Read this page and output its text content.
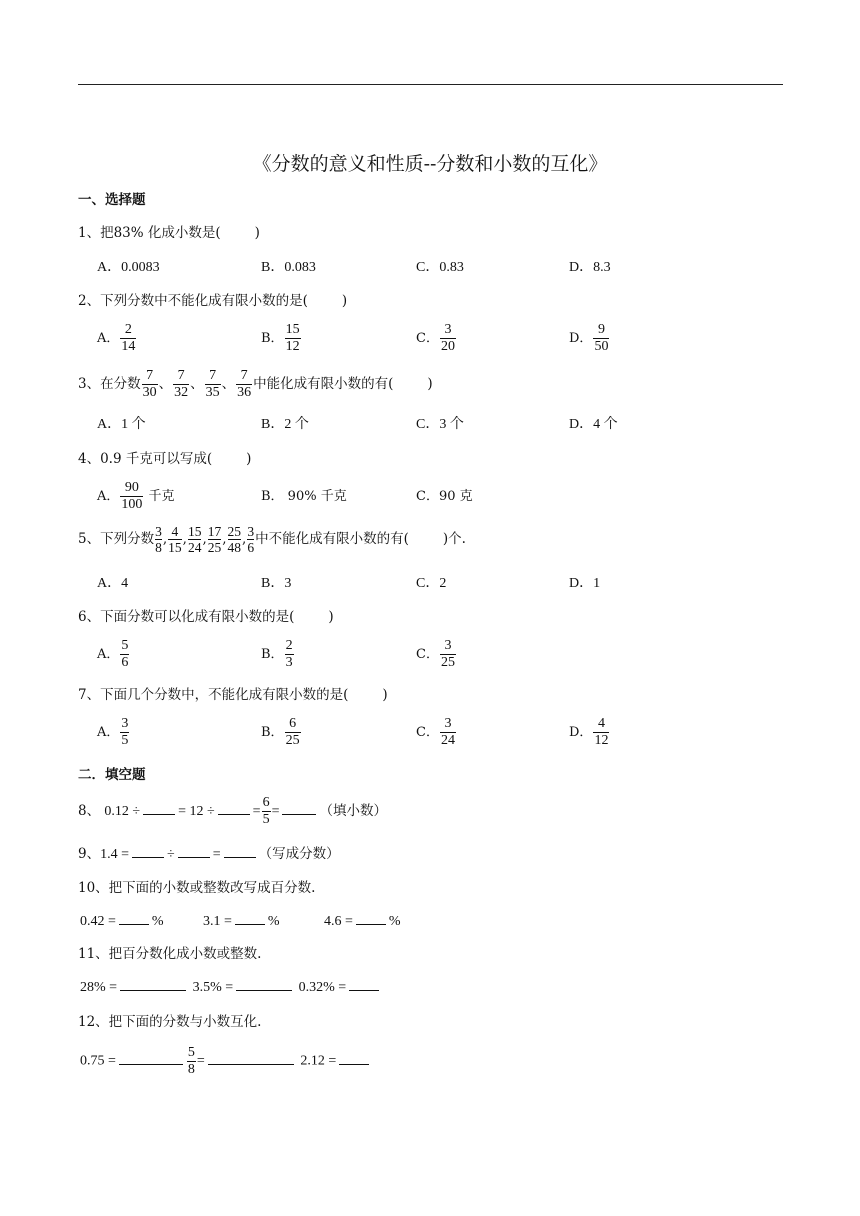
《分数的意义和性质--分数和小数的互化》
一、选择题
1、把83% 化成小数是(	)
A．0.0083	B．0.083	C．0.83	D．8.3
2、下列分数中不能化成有限小数的是(	)
A． $\frac{2}{14}$	B． $\frac{15}{12}$	C． $\frac{3}{20}$	D． $\frac{9}{50}$
3、在分数 $\frac{7}{30}$ 、 $\frac{7}{32}$ 、 $\frac{7}{35}$ 、 $\frac{7}{36}$ 中能化成有限小数的有(	)
A．1 个	B．2 个	C．3 个	D．4 个
4、0.9 千克可以写成(	)
A． $\frac{90}{100}$ 千克	B． 90% 千克	C．90 克
5、下列分数 $\frac{3}{8}$ , $\frac{4}{15}$ , $\frac{15}{24}$ , $\frac{17}{25}$ , $\frac{25}{48}$ , $\frac{3}{6}$ 中不能化成有限小数的有(	)个.
A．4	B．3	C．2	D．1
6、下面分数可以化成有限小数的是(	)
A． $\frac{5}{6}$	B． $\frac{2}{3}$	C． $\frac{3}{25}$
7、下面几个分数中，不能化成有限小数的是(	)
A． $\frac{3}{5}$	B． $\frac{6}{25}$	C． $\frac{3}{24}$	D． $\frac{4}{12}$
二．填空题
8、 0.12 ÷	= 12 ÷	= $\frac{6}{5}$ =	（填小数）
9、1.4 =	÷	=	（写成分数）
10、把下面的小数或整数改写成百分数.
0.42 =	%	3.1 =	%	4.6 =	%
11、把百分数化成小数或整数.
28% =	3.5% =	0.32% =
12、把下面的分数与小数互化.
0.75 =	$\frac{5}{8}$ =	2.12 =
